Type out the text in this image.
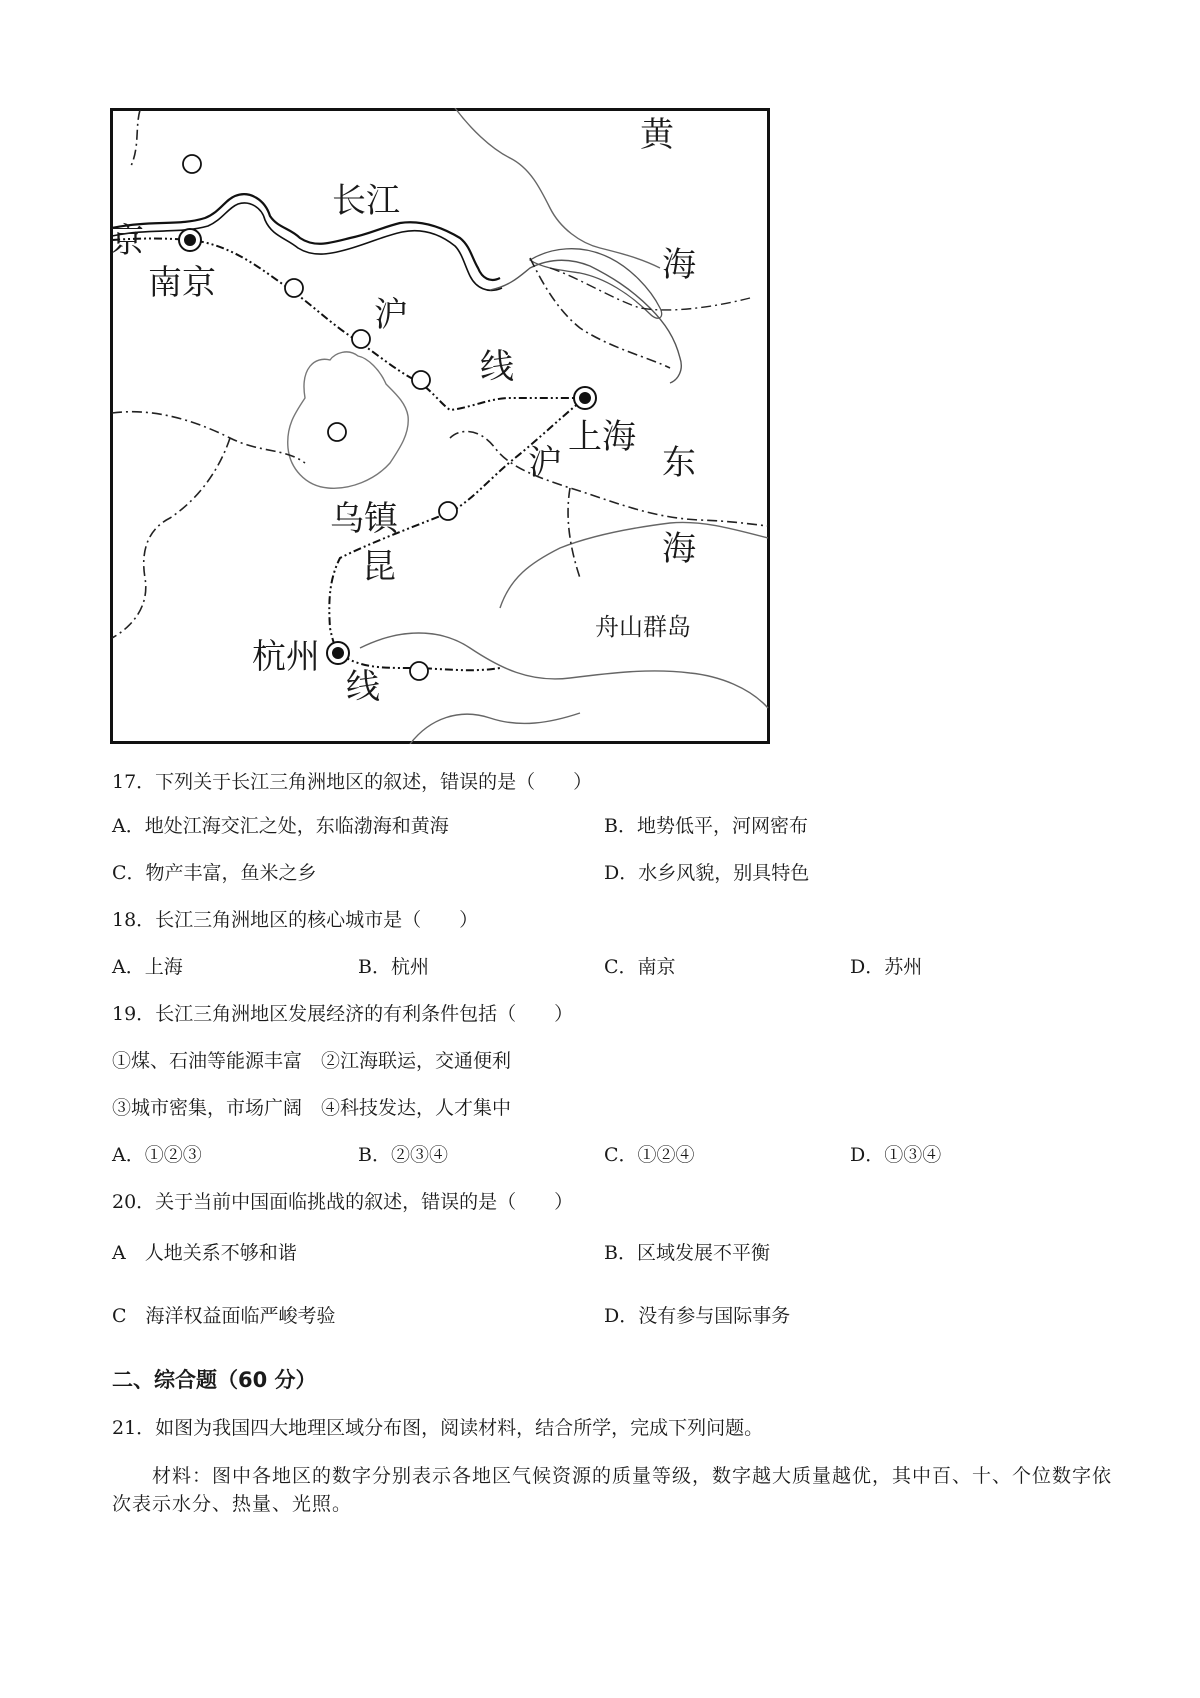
黄
海
东
海
长江
京
南京
沪
线
上海
沪
乌镇
昆
杭州
线
舟山群岛
17．下列关于长江三角洲地区的叙述，错误的是（　　）
A．地处江海交汇之处，东临渤海和黄海	B．地势低平，河网密布
C．物产丰富，鱼米之乡	D．水乡风貌，别具特色
18．长江三角洲地区的核心城市是（　　）
A．上海	B．杭州	C．南京	D．苏州
19．长江三角洲地区发展经济的有利条件包括（　　）
①煤、石油等能源丰富　②江海联运，交通便利
③城市密集，市场广阔　④科技发达，人才集中
A．①②③	B．②③④	C．①②④	D．①③④
20．关于当前中国面临挑战的叙述，错误的是（　　）
A　人地关系不够和谐	B．区域发展不平衡
C　海洋权益面临严峻考验	D．没有参与国际事务
二、综合题（60 分）
21．如图为我国四大地理区域分布图，阅读材料，结合所学，完成下列问题。
材料：图中各地区的数字分别表示各地区气候资源的质量等级，数字越大质量越优，其中百、十、个位数字依次表示水分、热量、光照。
